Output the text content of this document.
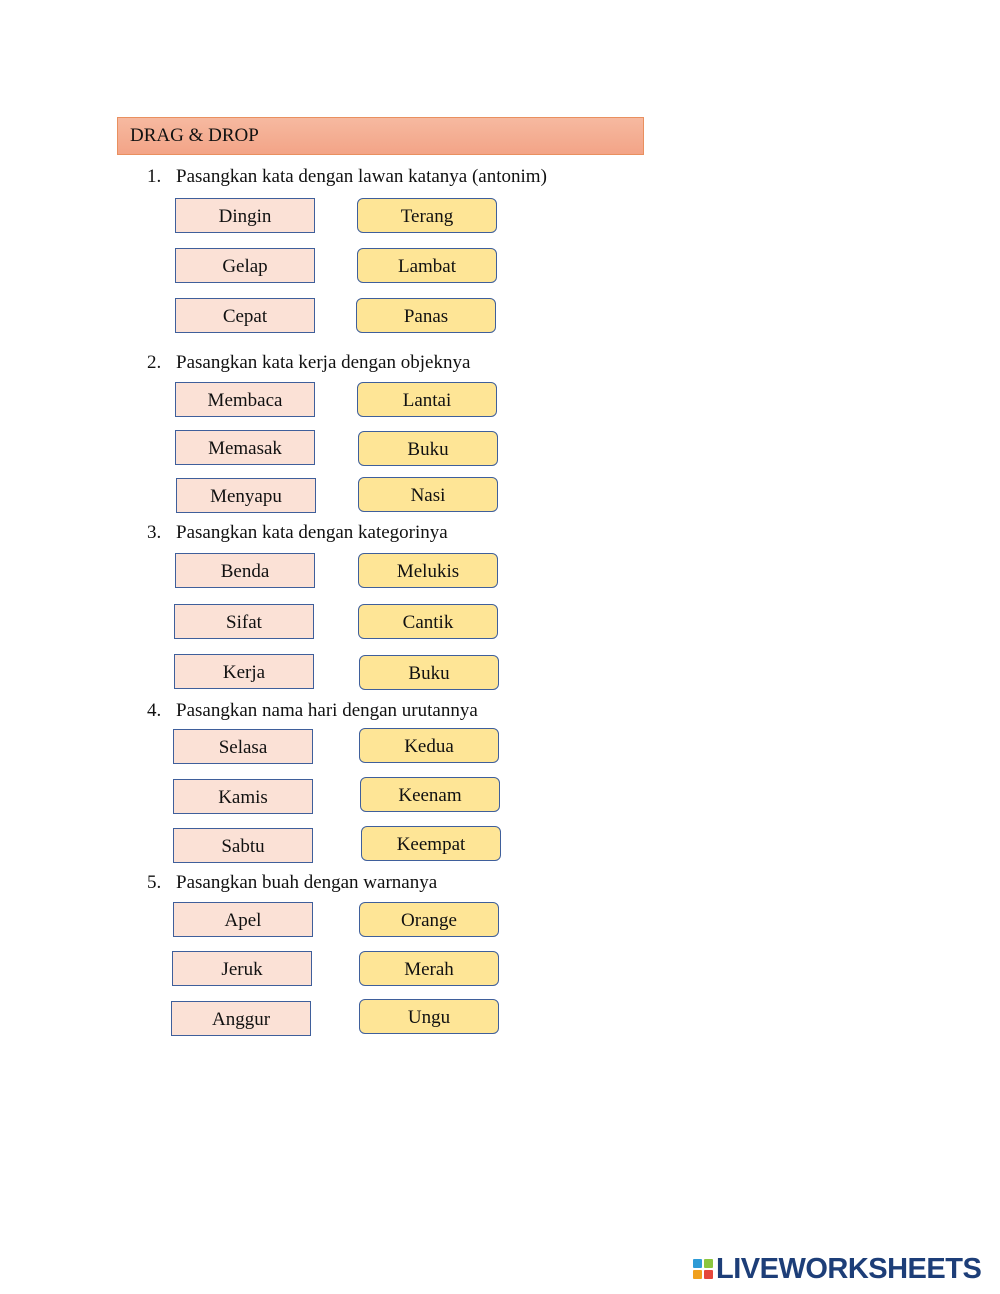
DRAG & DROP
1. Pasangkan kata dengan lawan katanya (antonim)
Dingin	Terang
Gelap	Lambat
Cepat	Panas
2. Pasangkan kata kerja dengan objeknya
Membaca	Lantai
Memasak	Buku
Menyapu	Nasi
3. Pasangkan kata dengan kategorinya
Benda	Melukis
Sifat	Cantik
Kerja	Buku
4. Pasangkan nama hari dengan urutannya
Selasa	Kedua
Kamis	Keenam
Sabtu	Keempat
5. Pasangkan buah dengan warnanya
Apel	Orange
Jeruk	Merah
Anggur	Ungu
LIVEWORKSHEETS
